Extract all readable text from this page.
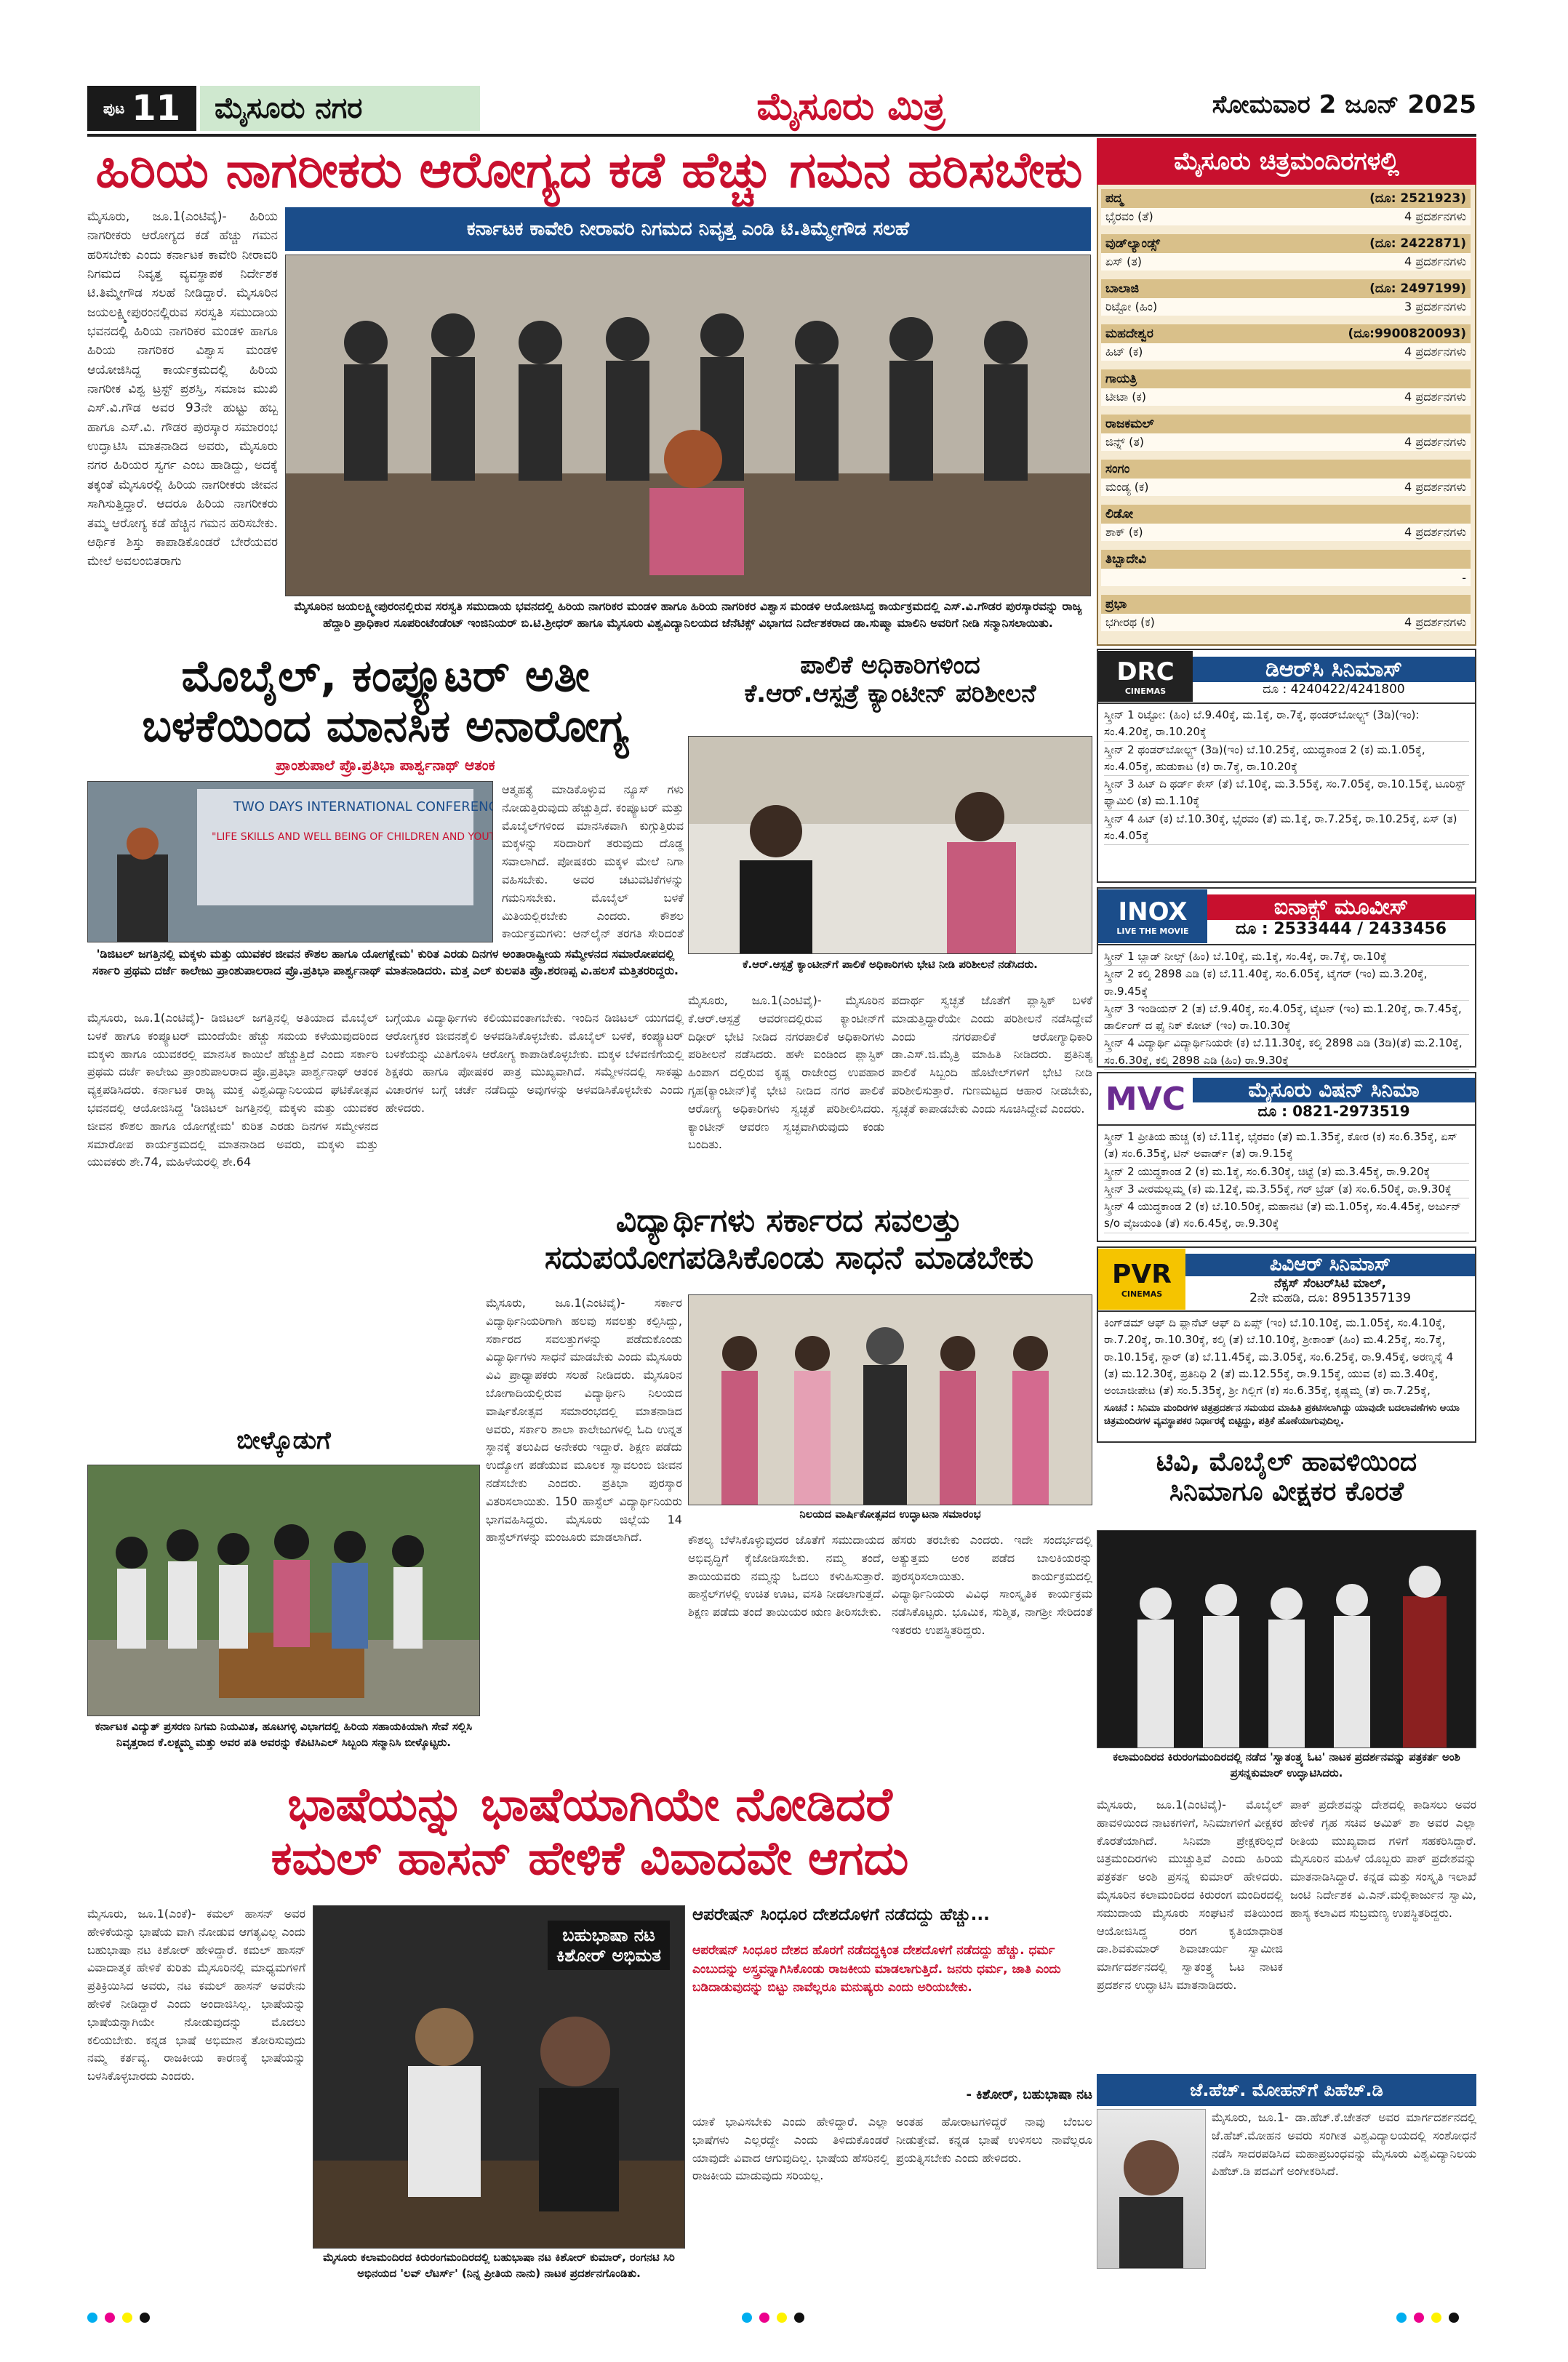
ಪುಟ 11	ಮೈಸೂರು ನಗರ	ಮೈಸೂರು ಮಿತ್ರ	ಸೋಮವಾರ 2 ಜೂನ್ 2025
ಹಿರಿಯ ನಾಗರೀಕರು ಆರೋಗ್ಯದ ಕಡೆ ಹೆಚ್ಚು ಗಮನ ಹರಿಸಬೇಕು
ಮೈಸೂರು, ಜೂ.1(ಎಂಟಿವೈ)- ಹಿರಿಯ ನಾಗರೀಕರು ಆರೋಗ್ಯದ ಕಡೆ ಹೆಚ್ಚು ಗಮನ ಹರಿಸಬೇಕು ಎಂದು ಕರ್ನಾಟಕ ಕಾವೇರಿ ನೀರಾವರಿ ನಿಗಮದ ನಿವೃತ್ತ ವ್ಯವಸ್ಥಾಪಕ ನಿರ್ದೇಶಕ ಟಿ.ತಿಮ್ಮೇಗೌಡ ಸಲಹೆ ನೀಡಿದ್ದಾರೆ. ಮೈಸೂರಿನ ಜಯಲಕ್ಷ್ಮೀಪುರಂನಲ್ಲಿರುವ ಸರಸ್ವತಿ ಸಮುದಾಯ ಭವನದಲ್ಲಿ ಹಿರಿಯ ನಾಗರಿಕರ ಮಂಡಳಿ ಹಾಗೂ ಹಿರಿಯ ನಾಗರಿಕರ ವಿಶ್ವಾಸ ಮಂಡಳಿ ಆಯೋಜಿಸಿದ್ದ ಕಾರ್ಯಕ್ರಮದಲ್ಲಿ ಹಿರಿಯ ನಾಗರೀಕ ವಿಶ್ವ ಟ್ರಸ್ಟ್ ಪ್ರಶಸ್ತಿ, ಸಮಾಜ ಮುಖಿ ಎಸ್.ವಿ.ಗೌಡ ಅವರ 93ನೇ ಹುಟ್ಟು ಹಬ್ಬ ಹಾಗೂ ಎಸ್.ವಿ. ಗೌಡರ ಪುರಸ್ಕಾರ ಸಮಾರಂಭ ಉದ್ಘಾಟಿಸಿ ಮಾತನಾಡಿದ ಅವರು, ಮೈಸೂರು ನಗರ ಹಿರಿಯರ ಸ್ವರ್ಗ ಎಂಬ ಹಾಡಿದ್ದು, ಅದಕ್ಕೆ ತಕ್ಕಂತೆ ಮೈಸೂರಲ್ಲಿ ಹಿರಿಯ ನಾಗರೀಕರು ಜೀವನ ಸಾಗಿಸುತ್ತಿದ್ದಾರೆ. ಆದರೂ ಹಿರಿಯ ನಾಗರೀಕರು ತಮ್ಮ ಆರೋಗ್ಯ ಕಡೆ ಹೆಚ್ಚಿನ ಗಮನ ಹರಿಸಬೇಕು. ಆರ್ಥಿಕ ಶಿಸ್ತು ಕಾಪಾಡಿಕೊಂಡರೆ ಬೇರೆಯವರ ಮೇಲೆ ಅವಲಂಬಿತರಾಗು
ಕರ್ನಾಟಕ ಕಾವೇರಿ ನೀರಾವರಿ ನಿಗಮದ ನಿವೃತ್ತ ಎಂಡಿ ಟಿ.ತಿಮ್ಮೇಗೌಡ ಸಲಹೆ
ಮೈಸೂರಿನ ಜಯಲಕ್ಷ್ಮೀಪುರಂನಲ್ಲಿರುವ ಸರಸ್ವತಿ ಸಮುದಾಯ ಭವನದಲ್ಲಿ ಹಿರಿಯ ನಾಗರಿಕರ ಮಂಡಳಿ ಹಾಗೂ ಹಿರಿಯ ನಾಗರಿಕರ ವಿಶ್ವಾಸ ಮಂಡಳಿ ಆಯೋಜಿಸಿದ್ದ ಕಾರ್ಯಕ್ರಮದಲ್ಲಿ ಎಸ್.ವಿ.ಗೌಡರ ಪುರಸ್ಕಾರವನ್ನು ರಾಜ್ಯ ಹೆದ್ದಾರಿ ಪ್ರಾಧಿಕಾರ ಸೂಪರಿಂಟೆಂಡೆಂಟ್ ಇಂಜಿನಿಯರ್ ಬಿ.ಟಿ.ಶ್ರೀಧರ್ ಹಾಗೂ ಮೈಸೂರು ವಿಶ್ವವಿದ್ಯಾನಿಲಯದ ಜೆನೆಟಿಕ್ಸ್ ವಿಭಾಗದ ನಿರ್ದೇಶಕರಾದ ಡಾ.ಸುಷ್ಮಾ ಮಾಲಿನಿ ಅವರಿಗೆ ನೀಡಿ ಸನ್ಮಾನಿಸಲಾಯಿತು.
ಮೈಸೂರು ಚಿತ್ರಮಂದಿರಗಳಲ್ಲಿ
ಪದ್ಮ	(ದೂ: 2521923)
ಭೈರವಂ (ತೆ)	4 ಪ್ರದರ್ಶನಗಳು
ವುಡ್‌ಲ್ಯಾಂಡ್ಸ್	(ದೂ: 2422871)
ಏಸ್ (ತ)	4 ಪ್ರದರ್ಶನಗಳು
ಬಾಲಾಜಿ	(ದೂ: 2497199)
ರಿಟ್ಟೋ (ಹಿಂ)	3 ಪ್ರದರ್ಶನಗಳು
ಮಹದೇಶ್ವರ	(ದೂ:9900820093)
ಹಿಟ್ (ಕ)	4 ಪ್ರದರ್ಶನಗಳು
ಗಾಯತ್ರಿ
ಟೀಟಾ (ಕ)	4 ಪ್ರದರ್ಶನಗಳು
ರಾಜಕಮಲ್
ಜಿನ್ನ್ (ತ)	4 ಪ್ರದರ್ಶನಗಳು
ಸಂಗಂ
ಮಂಡ್ಯ (ಕ)	4 ಪ್ರದರ್ಶನಗಳು
ಲಿಡೋ
ಶಾಕ್ (ಕ)	4 ಪ್ರದರ್ಶನಗಳು
ತಿಬ್ಬಾದೇವಿ
-
ಪ್ರಭಾ
ಭಗೀರಥ (ಕ)	4 ಪ್ರದರ್ಶನಗಳು
DRC
CINEMAS
ಡಿಆರ್‌ಸಿ ಸಿನಿಮಾಸ್
ದೂ : 4240422/4241800
ಸ್ಕ್ರೀನ್ 1 ರಿಟ್ಟೋ: (ಹಿಂ) ಬೆ.9.40ಕ್ಕೆ, ಮ.1ಕ್ಕೆ, ರಾ.7ಕ್ಕೆ, ಥಂಡರ್‌ಬೋಲ್ಟ್ಸ್ (3ಡಿ)(ಇಂ): ಸಂ.4.20ಕ್ಕೆ, ರಾ.10.20ಕ್ಕೆ
ಸ್ಕ್ರೀನ್ 2 ಥಂಡರ್‌ಬೋಲ್ಟ್ಸ್ (3ಡಿ)(ಇಂ) ಬೆ.10.25ಕ್ಕೆ, ಯುದ್ಧಕಾಂಡ 2 (ಕ) ಮ.1.05ಕ್ಕೆ, ಸಂ.4.05ಕ್ಕೆ, ಹುಡುಕಾಟ (ಕ) ರಾ.7ಕ್ಕೆ, ರಾ.10.20ಕ್ಕೆ
ಸ್ಕ್ರೀನ್ 3 ಹಿಟ್ ದಿ ಥರ್ಡ್ ಕೇಸ್ (ತೆ) ಬೆ.10ಕ್ಕೆ, ಮ.3.55ಕ್ಕೆ, ಸಂ.7.05ಕ್ಕೆ, ರಾ.10.15ಕ್ಕೆ, ಟೂರಿಸ್ಟ್ ಫ್ಯಾಮಿಲಿ (ತ) ಮ.1.10ಕ್ಕೆ
ಸ್ಕ್ರೀನ್ 4 ಹಿಟ್ (ಕ) ಬೆ.10.30ಕ್ಕೆ, ಭೈರವಂ (ತೆ) ಮ.1ಕ್ಕೆ, ರಾ.7.25ಕ್ಕೆ, ರಾ.10.25ಕ್ಕೆ, ಏಸ್ (ತ) ಸಂ.4.05ಕ್ಕೆ
INOX
LIVE THE MOVIE
ಐನಾಕ್ಸ್ ಮೂವೀಸ್
ದೂ : 2533444 / 2433456
ಸ್ಕ್ರೀನ್ 1 ಬ್ಲಾಡ್ ನೀಲ್ಸ್ (ಹಿಂ) ಬೆ.10ಕ್ಕೆ, ಮ.1ಕ್ಕೆ, ಸಂ.4ಕ್ಕೆ, ರಾ.7ಕ್ಕೆ, ರಾ.10ಕ್ಕೆ
ಸ್ಕ್ರೀನ್ 2 ಕಲ್ಕಿ 2898 ಎಡಿ (ಕ) ಬೆ.11.40ಕ್ಕೆ, ಸಂ.6.05ಕ್ಕೆ, ಟೈಗರ್ (ಇಂ) ಮ.3.20ಕ್ಕೆ, ರಾ.9.45ಕ್ಕೆ
ಸ್ಕ್ರೀನ್ 3 ಇಂಡಿಯನ್ 2 (ತ) ಬೆ.9.40ಕ್ಕೆ, ಸಂ.4.05ಕ್ಕೆ, ಟೈಟನ್ (ಇಂ) ಮ.1.20ಕ್ಕೆ, ರಾ.7.45ಕ್ಕೆ, ಡಾರ್ಲಿಂಗ್ ದ ಫೈ ನಿಕ್ ಕೋಟ್ (ಇಂ) ರಾ.10.30ಕ್ಕೆ
ಸ್ಕ್ರೀನ್ 4 ವಿದ್ಯಾರ್ಥಿ ವಿದ್ಯಾರ್ಥಿನಿಯರೇ (ಕ) ಬೆ.11.30ಕ್ಕೆ, ಕಲ್ಕಿ 2898 ಎಡಿ (3ಡಿ)(ತೆ) ಮ.2.10ಕ್ಕೆ, ಸಂ.6.30ಕ್ಕೆ, ಕಲ್ಕಿ 2898 ಎಡಿ (ಹಿಂ) ರಾ.9.30ಕ್ಕೆ
MVC	ಮೈಸೂರು ವಿಷನ್ ಸಿನಿಮಾ
ದೂ : 0821-2973519
ಸ್ಕ್ರೀನ್ 1 ಪ್ರೀತಿಯ ಹುಚ್ಚ (ಕ) ಬೆ.11ಕ್ಕೆ, ಭೈರವಂ (ತೆ) ಮ.1.35ಕ್ಕೆ, ಕೋರ (ಕ) ಸಂ.6.35ಕ್ಕೆ, ಏಸ್ (ತ) ಸಂ.6.35ಕ್ಕೆ, ಟಿನ್ ಅವಾರ್ಡ್ (ತ) ರಾ.9.15ಕ್ಕೆ
ಸ್ಕ್ರೀನ್ 2 ಯುದ್ಧಕಾಂಡ 2 (ಕ) ಮ.1ಕ್ಕೆ, ಸಂ.6.30ಕ್ಕೆ, ಚಿಟ್ಟೆ (ತ) ಮ.3.45ಕ್ಕೆ, ರಾ.9.20ಕ್ಕೆ
ಸ್ಕ್ರೀನ್ 3 ವೀರಮಲ್ಲಮ್ಮ (ಕ) ಮ.12ಕ್ಕೆ, ಮ.3.55ಕ್ಕೆ, ಗರ್ ಬ್ರೆಡ್ (ತ) ಸಂ.6.50ಕ್ಕೆ, ರಾ.9.30ಕ್ಕೆ
ಸ್ಕ್ರೀನ್ 4 ಯುದ್ಧಕಾಂಡ 2 (ಕ) ಬೆ.10.50ಕ್ಕೆ, ಮಹಾನಟಿ (ತೆ) ಮ.1.05ಕ್ಕೆ, ಸಂ.4.45ಕ್ಕೆ, ಅರ್ಜುನ್ s/o ವೈಜಯಂತಿ (ತೆ) ಸಂ.6.45ಕ್ಕೆ, ರಾ.9.30ಕ್ಕೆ
PVR
CINEMAS
ಪಿವಿಆರ್ ಸಿನಿಮಾಸ್
ನೆಕ್ಸಸ್ ಸೆಂಟರ್‌ಸಿಟಿ ಮಾಲ್,
2ನೇ ಮಹಡಿ, ದೂ: 8951357139
ಕಿಂಗ್‌ಡಮ್ ಆಫ್ ದಿ ಪ್ಲಾನೆಟ್ ಆಫ್ ದಿ ಏಪ್ಸ್ (ಇಂ) ಬೆ.10.10ಕ್ಕೆ, ಮ.1.05ಕ್ಕೆ, ಸಂ.4.10ಕ್ಕೆ, ರಾ.7.20ಕ್ಕೆ, ರಾ.10.30ಕ್ಕೆ, ಕಲ್ಕಿ (ತೆ) ಬೆ.10.10ಕ್ಕೆ, ಶ್ರೀಕಾಂತ್ (ಹಿಂ) ಮ.4.25ಕ್ಕೆ, ಸಂ.7ಕ್ಕೆ, ರಾ.10.15ಕ್ಕೆ, ಸ್ಟಾರ್ (ತ) ಬೆ.11.45ಕ್ಕೆ, ಮ.3.05ಕ್ಕೆ, ಸಂ.6.25ಕ್ಕೆ, ರಾ.9.45ಕ್ಕೆ, ಅರಣ್ಮನೈ 4 (ತ) ಮ.12.30ಕ್ಕೆ, ಪ್ರತಿನಿಧಿ 2 (ತೆ) ಮ.12.55ಕ್ಕೆ, ರಾ.9.15ಕ್ಕೆ, ಯುವ (ಕ) ಮ.3.40ಕ್ಕೆ, ಅಂಬಾಜೀಪೇಟ (ತೆ) ಸಂ.5.35ಕ್ಕೆ, ಶ್ರೀ ಗಿಲ್ಲಿಗೆ (ಕ) ಸಂ.6.35ಕ್ಕೆ, ಕೃಷ್ಣಮ್ಮ (ತೆ) ರಾ.7.25ಕ್ಕೆ,
ಸೂಚನೆ : ಸಿನಿಮಾ ಮಂದಿರಗಳ ಚಿತ್ರಪ್ರದರ್ಶನ ಸಮಯದ ಮಾಹಿತಿ ಪ್ರಕಟಿಸಲಾಗಿದ್ದು ಯಾವುದೇ ಬದಲಾವಣೆಗಳು ಆಯಾ ಚಿತ್ರಮಂದಿರಗಳ ವ್ಯವಸ್ಥಾಪಕರ ನಿರ್ಧಾರಕ್ಕೆ ಬಿಟ್ಟಿದ್ದು, ಪತ್ರಿಕೆ ಹೊಣೆಯಾಗುವುದಿಲ್ಲ.
ಮೊಬೈಲ್, ಕಂಪ್ಯೂಟರ್ ಅತೀ
ಬಳಕೆಯಿಂದ ಮಾನಸಿಕ ಅನಾರೋಗ್ಯ
ಪ್ರಾಂಶುಪಾಲೆ ಪ್ರೊ.ಪ್ರತಿಭಾ ಪಾರ್ಶ್ವನಾಥ್ ಆತಂಕ
TWO DAYS INTERNATIONAL CONFERENCE
"LIFE SKILLS AND WELL BEING OF CHILDREN AND YOUT
ಆತ್ಮಹತ್ಯೆ ಮಾಡಿಕೊಳ್ಳುವ ನ್ಯೂಸ್ ಗಳು ನೋಡುತ್ತಿರುವುದು ಹೆಚ್ಚುತ್ತಿದೆ. ಕಂಪ್ಯೂಟರ್ ಮತ್ತು ಮೊಬೈಲ್‌ಗಳಿಂದ ಮಾನಸಿಕವಾಗಿ ಕುಗ್ಗುತ್ತಿರುವ ಮಕ್ಕಳನ್ನು ಸರಿದಾರಿಗೆ ತರುವುದು ದೊಡ್ಡ ಸವಾಲಾಗಿದೆ. ಪೋಷಕರು ಮಕ್ಕಳ ಮೇಲೆ ನಿಗಾ ವಹಿಸಬೇಕು. ಅವರ ಚಟುವಟಿಕೆಗಳನ್ನು ಗಮನಿಸಬೇಕು. ಮೊಬೈಲ್ ಬಳಕೆ ಮಿತಿಯಲ್ಲಿರಬೇಕು ಎಂದರು. ಕೌಶಲ ಕಾರ್ಯಕ್ರಮಗಳು: ಆನ್‌ಲೈನ್ ತರಗತಿ ಸೇರಿದಂತೆ
'ಡಿಜಿಟಲ್ ಜಗತ್ತಿನಲ್ಲಿ ಮಕ್ಕಳು ಮತ್ತು ಯುವಕರ ಜೀವನ ಕೌಶಲ ಹಾಗೂ ಯೋಗಕ್ಷೇಮ' ಕುರಿತ ಎರಡು ದಿನಗಳ ಅಂತಾರಾಷ್ಟ್ರೀಯ ಸಮ್ಮೇಳನದ ಸಮಾರೋಪದಲ್ಲಿ ಸರ್ಕಾರಿ ಪ್ರಥಮ ದರ್ಜೆ ಕಾಲೇಜು ಪ್ರಾಂಶುಪಾಲರಾದ ಪ್ರೊ.ಪ್ರತಿಭಾ ಪಾರ್ಶ್ವನಾಥ್ ಮಾತನಾಡಿದರು. ಮತ್ತ ಎಲ್ ಕುಲಪತಿ ಪ್ರೊ.ಶರಣಪ್ಪ ವಿ.ಹಲಸೆ ಮತ್ತಿತರರಿದ್ದರು.
ಮೈಸೂರು, ಜೂ.1(ಎಂಟಿವೈ)- ಡಿಜಿಟಲ್ ಜಗತ್ತಿನಲ್ಲಿ ಅತಿಯಾದ ಮೊಬೈಲ್ ಬಳಕೆ ಹಾಗೂ ಕಂಪ್ಯೂಟರ್ ಮುಂದೆಯೇ ಹೆಚ್ಚು ಸಮಯ ಕಳೆಯುವುದರಿಂದ ಮಕ್ಕಳು ಹಾಗೂ ಯುವಕರಲ್ಲಿ ಮಾನಸಿಕ ಕಾಯಿಲೆ ಹೆಚ್ಚುತ್ತಿದೆ ಎಂದು ಸರ್ಕಾರಿ ಪ್ರಥಮ ದರ್ಜೆ ಕಾಲೇಜು ಪ್ರಾಂಶುಪಾಲರಾದ ಪ್ರೊ.ಪ್ರತಿಭಾ ಪಾರ್ಶ್ವನಾಥ್ ಆತಂಕ ವ್ಯಕ್ತಪಡಿಸಿದರು. ಕರ್ನಾಟಕ ರಾಜ್ಯ ಮುಕ್ತ ವಿಶ್ವವಿದ್ಯಾನಿಲಯದ ಘಟಿಕೋತ್ಸವ ಭವನದಲ್ಲಿ ಆಯೋಜಿಸಿದ್ದ 'ಡಿಜಿಟಲ್ ಜಗತ್ತಿನಲ್ಲಿ ಮಕ್ಕಳು ಮತ್ತು ಯುವಕರ ಜೀವನ ಕೌಶಲ ಹಾಗೂ ಯೋಗಕ್ಷೇಮ' ಕುರಿತ ಎರಡು ದಿನಗಳ ಸಮ್ಮೇಳನದ ಸಮಾರೋಪ ಕಾರ್ಯಕ್ರಮದಲ್ಲಿ ಮಾತನಾಡಿದ ಅವರು, ಮಕ್ಕಳು ಮತ್ತು ಯುವಕರು ಶೇ.74, ಮಹಿಳೆಯರಲ್ಲಿ ಶೇ.64
ಬಗ್ಗೆಯೂ ವಿದ್ಯಾರ್ಥಿಗಳು ಕಲಿಯುವಂತಾಗಬೇಕು. ಇಂದಿನ ಡಿಜಿಟಲ್ ಯುಗದಲ್ಲಿ ಆರೋಗ್ಯಕರ ಜೀವನಶೈಲಿ ಅಳವಡಿಸಿಕೊಳ್ಳಬೇಕು. ಮೊಬೈಲ್ ಬಳಕೆ, ಕಂಪ್ಯೂಟರ್ ಬಳಕೆಯನ್ನು ಮಿತಿಗೊಳಿಸಿ ಆರೋಗ್ಯ ಕಾಪಾಡಿಕೊಳ್ಳಬೇಕು. ಮಕ್ಕಳ ಬೆಳವಣಿಗೆಯಲ್ಲಿ ಶಿಕ್ಷಕರು ಹಾಗೂ ಪೋಷಕರ ಪಾತ್ರ ಮುಖ್ಯವಾಗಿದೆ. ಸಮ್ಮೇಳನದಲ್ಲಿ ಸಾಕಷ್ಟು ವಿಚಾರಗಳ ಬಗ್ಗೆ ಚರ್ಚೆ ನಡೆದಿದ್ದು ಅವುಗಳನ್ನು ಅಳವಡಿಸಿಕೊಳ್ಳಬೇಕು ಎಂದು ಹೇಳಿದರು.
ಪಾಲಿಕೆ ಅಧಿಕಾರಿಗಳಿಂದ
ಕೆ.ಆರ್.ಆಸ್ಪತ್ರೆ ಕ್ಯಾಂಟೀನ್ ಪರಿಶೀಲನೆ
ಕೆ.ಆರ್.ಆಸ್ಪತ್ರೆ ಕ್ಯಾಂಟೀನ್‌ಗೆ ಪಾಲಿಕೆ ಅಧಿಕಾರಿಗಳು ಭೇಟಿ ನೀಡಿ ಪರಿಶೀಲನೆ ನಡೆಸಿದರು.
ಮೈಸೂರು, ಜೂ.1(ಎಂಟಿವೈ)- ಮೈಸೂರಿನ ಕೆ.ಆರ್.ಆಸ್ಪತ್ರೆ ಆವರಣದಲ್ಲಿರುವ ಕ್ಯಾಂಟೀನ್‌ಗೆ ದಿಢೀರ್ ಭೇಟಿ ನೀಡಿದ ನಗರಪಾಲಿಕೆ ಅಧಿಕಾರಿಗಳು ಪರಿಶೀಲನೆ ನಡೆಸಿದರು. ಹಳೇ ಐಂಡಿಂದ ಪ್ಲಾಸ್ಟಿಕ್ ಹಿಂಪಾಗ ದಲ್ಲಿರುವ ಕೃಷ್ಣ ರಾಜೇಂದ್ರ ಉಪಹಾರ ಗೃಹ(ಕ್ಯಾಂಟೀನ್)ಕ್ಕೆ ಭೇಟಿ ನೀಡಿದ ನಗರ ಪಾಲಿಕೆ ಆರೋಗ್ಯ ಅಧಿಕಾರಿಗಳು ಸ್ವಚ್ಛತೆ ಪರಿಶೀಲಿಸಿದರು. ಕ್ಯಾಂಟೀನ್ ಆವರಣ ಸ್ವಚ್ಛವಾಗಿರುವುದು ಕಂಡು ಬಂದಿತು.
ಪದಾರ್ಥ ಸ್ವಚ್ಛತೆ ಜೊತೆಗೆ ಪ್ಲಾಸ್ಟಿಕ್ ಬಳಕೆ ಮಾಡುತ್ತಿದ್ದಾರೆಯೇ ಎಂದು ಪರಿಶೀಲನೆ ನಡೆಸಿದ್ದೇವೆ ಎಂದು ನಗರಪಾಲಿಕೆ ಆರೋಗ್ಯಾಧಿಕಾರಿ ಡಾ.ಎಸ್.ಜಿ.ಮೈತ್ರಿ ಮಾಹಿತಿ ನೀಡಿದರು. ಪ್ರತಿನಿತ್ಯ ಪಾಲಿಕೆ ಸಿಬ್ಬಂದಿ ಹೊಟೇಲ್‌ಗಳಿಗೆ ಭೇಟಿ ನೀಡಿ ಪರಿಶೀಲಿಸುತ್ತಾರೆ. ಗುಣಮಟ್ಟದ ಆಹಾರ ನೀಡಬೇಕು, ಸ್ವಚ್ಛತೆ ಕಾಪಾಡಬೇಕು ಎಂದು ಸೂಚಿಸಿದ್ದೇವೆ ಎಂದರು.
ವಿದ್ಯಾರ್ಥಿಗಳು ಸರ್ಕಾರದ ಸವಲತ್ತು
ಸದುಪಯೋಗಪಡಿಸಿಕೊಂಡು ಸಾಧನೆ ಮಾಡಬೇಕು
ಮೈಸೂರು, ಜೂ.1(ಎಂಟಿವೈ)- ಸರ್ಕಾರ ವಿದ್ಯಾರ್ಥಿನಿಯರಿಗಾಗಿ ಹಲವು ಸವಲತ್ತು ಕಲ್ಪಿಸಿದ್ದು, ಸರ್ಕಾರದ ಸವಲತ್ತುಗಳನ್ನು ಪಡೆದುಕೊಂಡು ವಿದ್ಯಾರ್ಥಿಗಳು ಸಾಧನೆ ಮಾಡಬೇಕು ಎಂದು ಮೈಸೂರು ವಿವಿ ಪ್ರಾಧ್ಯಾಪಕರು ಸಲಹೆ ನೀಡಿದರು. ಮೈಸೂರಿನ ಬೋಗಾದಿಯಲ್ಲಿರುವ ವಿದ್ಯಾರ್ಥಿನಿ ನಿಲಯದ ವಾರ್ಷಿಕೋತ್ಸವ ಸಮಾರಂಭದಲ್ಲಿ ಮಾತನಾಡಿದ ಅವರು, ಸರ್ಕಾರಿ ಶಾಲಾ ಕಾಲೇಜುಗಳಲ್ಲಿ ಓದಿ ಉನ್ನತ ಸ್ಥಾನಕ್ಕೆ ತಲುಪಿದ ಅನೇಕರು ಇದ್ದಾರೆ. ಶಿಕ್ಷಣ ಪಡೆದು ಉದ್ಯೋಗ ಪಡೆಯುವ ಮೂಲಕ ಸ್ವಾವಲಂಬಿ ಜೀವನ ನಡೆಸಬೇಕು ಎಂದರು. ಪ್ರತಿಭಾ ಪುರಸ್ಕಾರ ವಿತರಿಸಲಾಯಿತು. 150 ಹಾಸ್ಟೆಲ್ ವಿದ್ಯಾರ್ಥಿನಿಯರು ಭಾಗವಹಿಸಿದ್ದರು. ಮೈಸೂರು ಜಿಲ್ಲೆಯ 14 ಹಾಸ್ಟೆಲ್‌ಗಳನ್ನು ಮಂಜೂರು ಮಾಡಲಾಗಿದೆ.
ನಿಲಯದ ವಾರ್ಷಿಕೋತ್ಸವದ ಉದ್ಘಾಟನಾ ಸಮಾರಂಭ
ಕೌಶಲ್ಯ ಬೆಳೆಸಿಕೊಳ್ಳುವುದರ ಜೊತೆಗೆ ಸಮುದಾಯದ ಅಭಿವೃದ್ಧಿಗೆ ಕೈಜೋಡಿಸಬೇಕು. ನಮ್ಮ ತಂದೆ, ತಾಯಿಯವರು ನಮ್ಮನ್ನು ಓದಲು ಕಳುಹಿಸುತ್ತಾರೆ. ಹಾಸ್ಟೆಲ್‌ಗಳಲ್ಲಿ ಉಚಿತ ಊಟ, ವಸತಿ ನೀಡಲಾಗುತ್ತದೆ. ಶಿಕ್ಷಣ ಪಡೆದು ತಂದೆ ತಾಯಿಯರ ಋಣ ತೀರಿಸಬೇಕು.
ಹೆಸರು ತರಬೇಕು ಎಂದರು. ಇದೇ ಸಂದರ್ಭದಲ್ಲಿ ಅತ್ಯುತ್ತಮ ಅಂಕ ಪಡೆದ ಬಾಲಕಿಯರನ್ನು ಪುರಸ್ಕರಿಸಲಾಯಿತು. ಕಾರ್ಯಕ್ರಮದಲ್ಲಿ ವಿದ್ಯಾರ್ಥಿನಿಯರು ವಿವಿಧ ಸಾಂಸ್ಕೃತಿಕ ಕಾರ್ಯಕ್ರಮ ನಡೆಸಿಕೊಟ್ಟರು. ಭೂಮಿಕ, ಸುಶ್ಮಿತ, ನಾಗಶ್ರೀ ಸೇರಿದಂತೆ ಇತರರು ಉಪಸ್ಥಿತರಿದ್ದರು.
ಬೀಳ್ಕೊಡುಗೆ
ಕರ್ನಾಟಕ ವಿದ್ಯುತ್ ಪ್ರಸರಣ ನಿಗಮ ನಿಯಮಿತ, ಹೂಟಗಳ್ಳಿ ವಿಭಾಗದಲ್ಲಿ ಹಿರಿಯ ಸಹಾಯಕಿಯಾಗಿ ಸೇವೆ ಸಲ್ಲಿಸಿ ನಿವೃತ್ತರಾದ ಕೆ.ಲಕ್ಷ್ಮಮ್ಮ ಮತ್ತು ಅವರ ಪತಿ ಅವರನ್ನು ಕೆಪಿಟಿಸಿಎಲ್ ಸಿಬ್ಬಂದಿ ಸನ್ಮಾನಿಸಿ ಬೀಳ್ಕೊಟ್ಟರು.
ಟಿವಿ, ಮೊಬೈಲ್ ಹಾವಳಿಯಿಂದ
ಸಿನಿಮಾಗೂ ವೀಕ್ಷಕರ ಕೊರತೆ
ಕಲಾಮಂದಿರದ ಕಿರುರಂಗಮಂದಿರದಲ್ಲಿ ನಡೆದ 'ಸ್ವಾತಂತ್ರ್ಯ ಓಟ' ನಾಟಕ ಪ್ರದರ್ಶನವನ್ನು ಪತ್ರಕರ್ತ ಅಂಶಿ ಪ್ರಸನ್ನಕುಮಾರ್ ಉದ್ಘಾಟಿಸಿದರು.
ಮೈಸೂರು, ಜೂ.1(ಎಂಟಿವೈ)- ಮೊಬೈಲ್ ಹಾವಳಿಯಿಂದ ನಾಟಕಗಳಿಗೆ, ಸಿನಿಮಾಗಳಿಗೆ ವೀಕ್ಷಕರ ಕೊರತೆಯಾಗಿದೆ. ಸಿನಿಮಾ ಪ್ರೇಕ್ಷಕರಿಲ್ಲದೆ ಚಿತ್ರಮಂದಿರಗಳು ಮುಚ್ಚುತ್ತಿವೆ ಎಂದು ಹಿರಿಯ ಪತ್ರಕರ್ತ ಅಂಶಿ ಪ್ರಸನ್ನ ಕುಮಾರ್ ಹೇಳಿದರು. ಮೈಸೂರಿನ ಕಲಾಮಂದಿರದ ಕಿರುರಂಗ ಮಂದಿರದಲ್ಲಿ ಸಮುದಾಯ ಮೈಸೂರು ಸಂಘಟನೆ ವತಿಯಿಂದ ಆಯೋಜಿಸಿದ್ದ ರಂಗ ಕೃತಿಯಾಧಾರಿತ ಡಾ.ಶಿವಕುಮಾರ್ ಶಿವಾಚಾರ್ಯ ಸ್ವಾಮೀಜಿ ಮಾರ್ಗದರ್ಶನದಲ್ಲಿ ಸ್ವಾತಂತ್ರ್ಯ ಓಟ ನಾಟಕ ಪ್ರದರ್ಶನ ಉದ್ಘಾಟಿಸಿ ಮಾತನಾಡಿದರು.
ಪಾಕ್ ಪ್ರದೇಶವನ್ನು ದೇಶದಲ್ಲಿ ಕಾಡಿಸಲು ಅವರ ಹೇಳಿಕೆ ಗೃಹ ಸಚಿವ ಅಮಿತ್ ಶಾ ಅವರ ಎಲ್ಲಾ ರೀತಿಯ ಮುಖ್ಯವಾದ ಗಳಿಗೆ ಸಹಕರಿಸಿದ್ದಾರೆ. ಮೈಸೂರಿನ ಮಹಿಳೆ ಯೊಬ್ಬರು ಪಾಕ್ ಪ್ರದೇಶವನ್ನು ಮಾತನಾಡಿಸಿದ್ದಾರೆ. ಕನ್ನಡ ಮತ್ತು ಸಂಸ್ಕೃತಿ ಇಲಾಖೆ ಜಂಟಿ ನಿರ್ದೇಶಕ ವಿ.ಎನ್.ಮಲ್ಲಿಕಾರ್ಜುನ ಸ್ವಾಮಿ, ಹಾಸ್ಯ ಕಲಾವಿದ ಸುಬ್ರಮಣ್ಯ ಉಪಸ್ಥಿತರಿದ್ದರು.
ಭಾಷೆಯನ್ನು ಭಾಷೆಯಾಗಿಯೇ ನೋಡಿದರೆ
ಕಮಲ್ ಹಾಸನ್ ಹೇಳಿಕೆ ವಿವಾದವೇ ಆಗದು
ಮೈಸೂರು, ಜೂ.1(ಎಂಕೆ)- ಕಮಲ್ ಹಾಸನ್ ಅವರ ಹೇಳಿಕೆಯನ್ನು ಭಾಷೆಯ ವಾಗಿ ನೋಡುವ ಆಗತ್ಯವಿಲ್ಲ ಎಂದು ಬಹುಭಾಷಾ ನಟ ಕಿಶೋರ್ ಹೇಳಿದ್ದಾರೆ. ಕಮಲ್ ಹಾಸನ್ ವಿವಾದಾತ್ಮಕ ಹೇಳಿಕೆ ಕುರಿತು ಮೈಸೂರಿನಲ್ಲಿ ಮಾಧ್ಯಮಗಳಿಗೆ ಪ್ರತಿಕ್ರಿಯಿಸಿದ ಅವರು, ನಟ ಕಮಲ್ ಹಾಸನ್ ಅವರೇನು ಹೇಳಿಕೆ ನೀಡಿದ್ದಾರೆ ಎಂದು ಅಂದಾಜಿಸಿಲ್ಲ. ಭಾಷೆಯನ್ನು ಭಾಷೆಯನ್ನಾಗಿಯೇ ನೋಡುವುದನ್ನು ಮೊದಲು ಕಲಿಯಬೇಕು. ಕನ್ನಡ ಭಾಷೆ ಅಭಿಮಾನ ತೋರಿಸುವುದು ನಮ್ಮ ಕರ್ತವ್ಯ. ರಾಜಕೀಯ ಕಾರಣಕ್ಕೆ ಭಾಷೆಯನ್ನು ಬಳಸಿಕೊಳ್ಳಬಾರದು ಎಂದರು.
ಬಹುಭಾಷಾ ನಟ
ಕಿಶೋರ್ ಅಭಿಮತ
ಮೈಸೂರು ಕಲಾಮಂದಿರದ ಕಿರುರಂಗಮಂದಿರದಲ್ಲಿ ಬಹುಭಾಷಾ ನಟ ಕಿಶೋರ್ ಕುಮಾರ್, ರಂಗನಟಿ ಸಿರಿ ಅಭಿನಯದ 'ಲವ್ ಲೆಟರ್ಸ್' (ನಿನ್ನ ಪ್ರೀತಿಯ ನಾನು) ನಾಟಕ ಪ್ರದರ್ಶನಗೊಂಡಿತು.
ಆಪರೇಷನ್ ಸಿಂಧೂರ ದೇಶದೊಳಗೆ ನಡೆದದ್ದು ಹೆಚ್ಚು...
ಆಪರೇಷನ್ ಸಿಂಧೂರ ದೇಶದ ಹೊರಗೆ ನಡೆದದ್ದಕ್ಕಿಂತ ದೇಶದೊಳಗೆ ನಡೆದದ್ದು ಹೆಚ್ಚು. ಧರ್ಮ ಎಂಬುದನ್ನು ಅಸ್ತ್ರವನ್ನಾಗಿಸಿಕೊಂಡು ರಾಜಕೀಯ ಮಾಡಲಾಗುತ್ತಿದೆ. ಜನರು ಧರ್ಮ, ಜಾತಿ ಎಂದು ಬಡಿದಾಡುವುದನ್ನು ಬಿಟ್ಟು ನಾವೆಲ್ಲರೂ ಮನುಷ್ಯರು ಎಂದು ಅರಿಯಬೇಕು.
- ಕಿಶೋರ್, ಬಹುಭಾಷಾ ನಟ
ಯಾಕೆ ಭಾವಿಸಬೇಕು ಎಂದು ಹೇಳಿದ್ದಾರೆ. ಎಲ್ಲಾ ಭಾಷೆಗಳು ಎಲ್ಲರದ್ದೇ ಎಂದು ತಿಳಿದುಕೊಂಡರೆ ಯಾವುದೇ ವಿವಾದ ಆಗುವುದಿಲ್ಲ. ಭಾಷೆಯ ಹೆಸರಿನಲ್ಲಿ ರಾಜಕೀಯ ಮಾಡುವುದು ಸರಿಯಲ್ಲ.
ಅಂತಹ ಹೋರಾಟಗಳಿದ್ದರೆ ನಾವು ಬೆಂಬಲ ನೀಡುತ್ತೇವೆ. ಕನ್ನಡ ಭಾಷೆ ಉಳಿಸಲು ನಾವೆಲ್ಲರೂ ಪ್ರಯತ್ನಿಸಬೇಕು ಎಂದು ಹೇಳಿದರು.
ಜೆ.ಹೆಚ್. ಮೋಹನ್‌ಗೆ ಪಿಹೆಚ್.ಡಿ
ಮೈಸೂರು, ಜೂ.1- ಡಾ.ಹೆಚ್.ಕೆ.ಚೇತನ್ ಅವರ ಮಾರ್ಗದರ್ಶನದಲ್ಲಿ ಜೆ.ಹೆಚ್.ಮೋಹನ ಅವರು ಸಂಗೀತ ವಿಶ್ವವಿದ್ಯಾಲಯದಲ್ಲಿ ಸಂಶೋಧನೆ ನಡೆಸಿ ಸಾದರಪಡಿಸಿದ ಮಹಾಪ್ರಬಂಧವನ್ನು ಮೈಸೂರು ವಿಶ್ವವಿದ್ಯಾನಿಲಯ ಪಿಹೆಚ್.ಡಿ ಪದವಿಗೆ ಅಂಗೀಕರಿಸಿದೆ.
